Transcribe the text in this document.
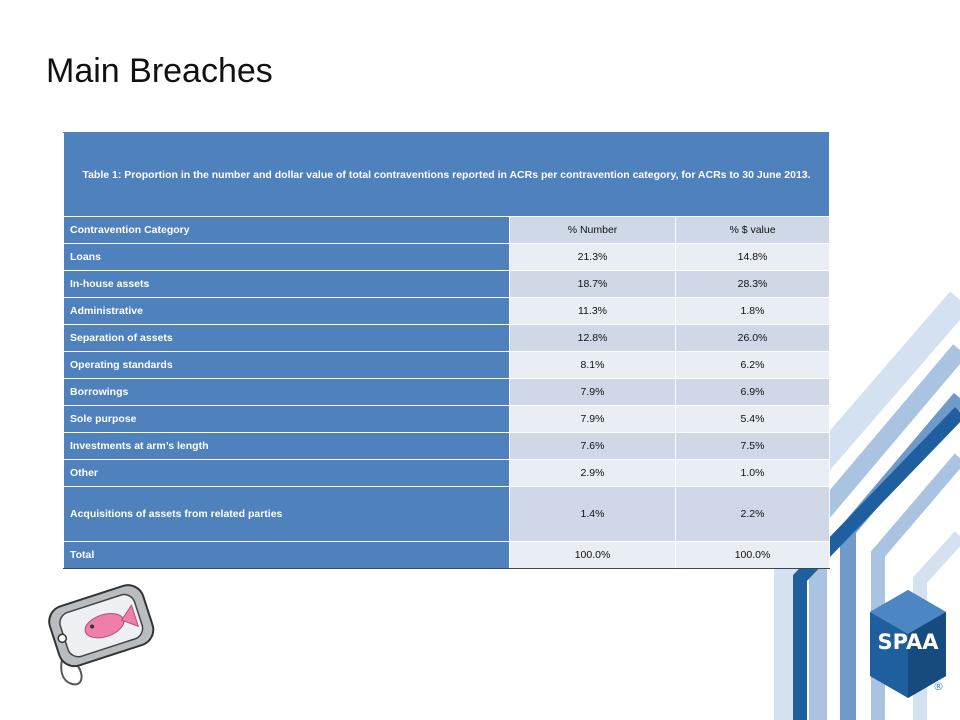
Main Breaches
Table 1: Proportion in the number and dollar value of total contraventions reported in ACRs per contravention category, for ACRs to 30 June 2013.		
Contravention Category	% Number	% $ value
Loans	21.3%	14.8%
In-house assets	18.7%	28.3%
Administrative	11.3%	1.8%
Separation of assets	12.8%	26.0%
Operating standards	8.1%	6.2%
Borrowings	7.9%	6.9%
Sole purpose	7.9%	5.4%
Investments at arm’s length	7.6%	7.5%
Other	2.9%	1.0%
Acquisitions of assets from related parties	1.4%	2.2%
Total	100.0%	100.0%
SPAA
®
